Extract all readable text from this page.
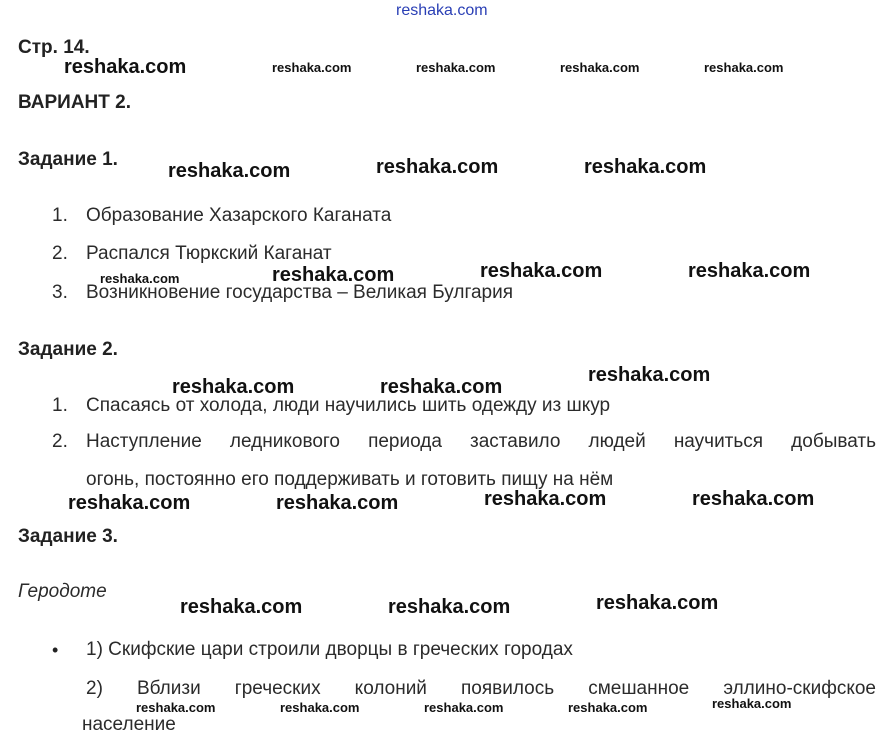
reshaka.com
Стр. 14.
ВАРИАНТ 2.
Задание 1.
1. Образование Хазарского Каганата
2. Распался Тюркский Каганат
3. Возникновение государства – Великая Булгария
Задание 2.
1. Спасаясь от холода, люди научились шить одежду из шкур
2. Наступление ледникового периода заставило людей научиться добывать
огонь, постоянно его поддерживать и готовить пищу на нём
Задание 3.
Геродоте
• 1) Скифские цари строили дворцы в греческих городах
2) Вблизи греческих колоний появилось смешанное эллино-скифское
население
reshaka.com	reshaka.com	reshaka.com	reshaka.com	reshaka.com
reshaka.com	reshaka.com	reshaka.com
reshaka.com	reshaka.com	reshaka.com	reshaka.com
reshaka.com	reshaka.com
reshaka.com
reshaka.com	reshaka.com	reshaka.com	reshaka.com
reshaka.com	reshaka.com	reshaka.com
reshaka.com	reshaka.com	reshaka.com	reshaka.com	reshaka.com
